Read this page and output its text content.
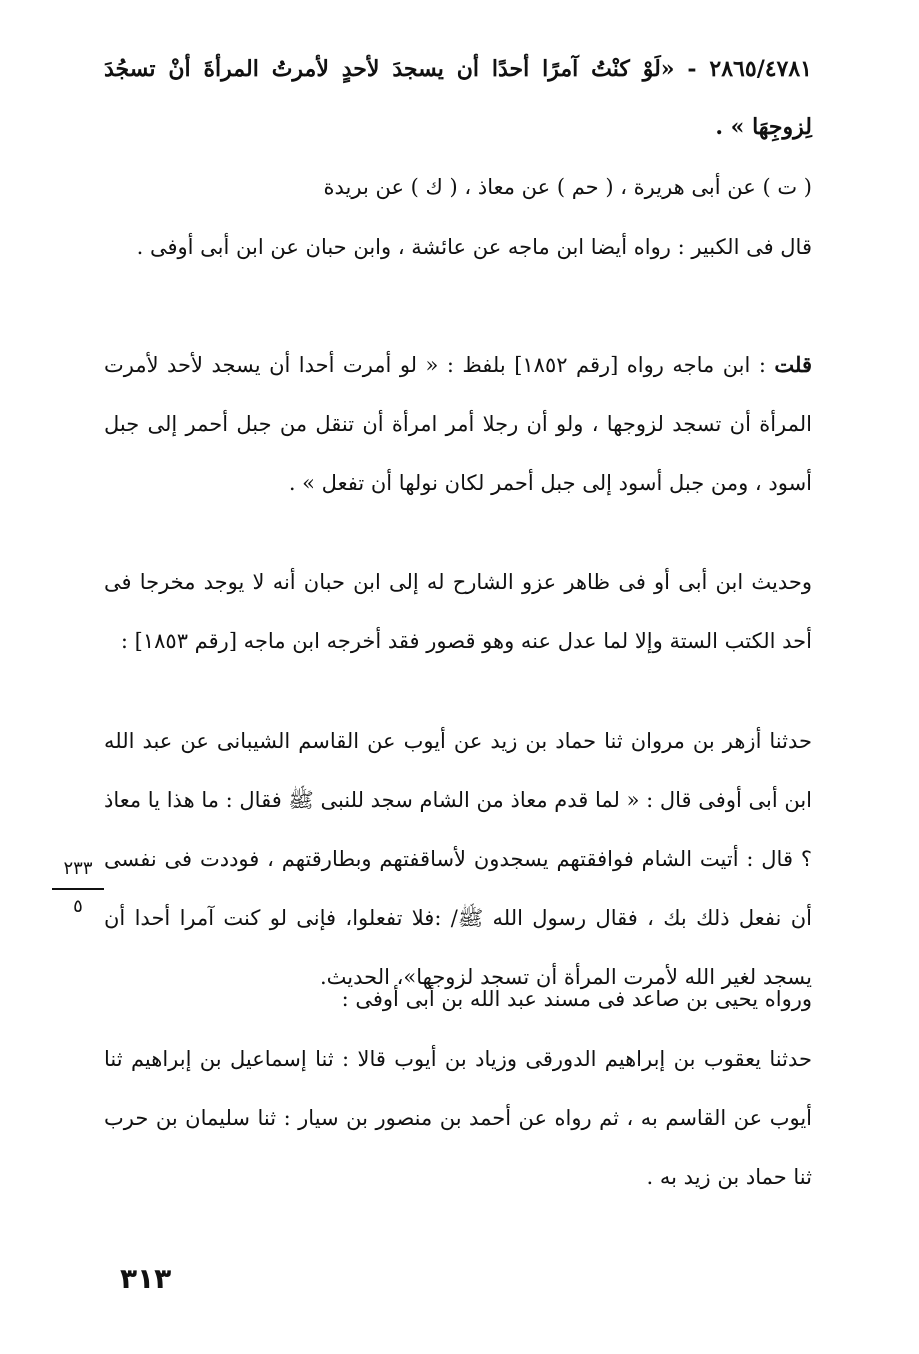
٢٨٦٥/٤٧٨١ - «لَوْ كنْتُ آمرًا أحدًا أن يسجدَ لأحدٍ لأمرتُ المرأةَ أنْ تسجُدَ لِزوجِهَا » .

( ت ) عن أبى هريرة ، ( حم ) عن معاذ ، ( ك ) عن بريدة

قال فى الكبير : رواه أيضا ابن ماجه عن عائشة ، وابن حبان عن ابن أبى أوفى .

قلت : ابن ماجه رواه [رقم ١٨٥٢] بلفظ : « لو أمرت أحدا أن يسجد لأحد لأمرت المرأة أن تسجد لزوجها ، ولو أن رجلا أمر امرأة أن تنقل من جبل أحمر إلى جبل أسود ، ومن جبل أسود إلى جبل أحمر لكان نولها أن تفعل » .

وحديث ابن أبى أو فى ظاهر عزو الشارح له إلى ابن حبان أنه لا يوجد مخرجا فى أحد الكتب الستة وإلا لما عدل عنه وهو قصور فقد أخرجه ابن ماجه [رقم ١٨٥٣] :

حدثنا أزهر بن مروان ثنا حماد بن زيد عن أيوب عن القاسم الشيبانى عن عبد الله ابن أبى أوفى قال : « لما قدم معاذ من الشام سجد للنبى ﷺ فقال : ما هذا يا معاذ ؟ قال : أتيت الشام فوافقتهم يسجدون لأساقفتهم وبطارقتهم ، فوددت فى نفسى أن نفعل ذلك بك ، فقال رسول الله ﷺ/ :فلا تفعلوا، فإنى لو كنت آمرا أحدا أن يسجد لغير الله لأمرت المرأة أن تسجد لزوجها»، الحديث.

ورواه يحيى بن صاعد فى مسند عبد الله بن أبى أوفى :

حدثنا يعقوب بن إبراهيم الدورقى وزياد بن أيوب قالا : ثنا إسماعيل بن إبراهيم ثنا أيوب عن القاسم به ، ثم رواه عن أحمد بن منصور بن سيار : ثنا سليمان بن حرب ثنا حماد بن زيد به .

٢٣٣
٥
٣١٣
